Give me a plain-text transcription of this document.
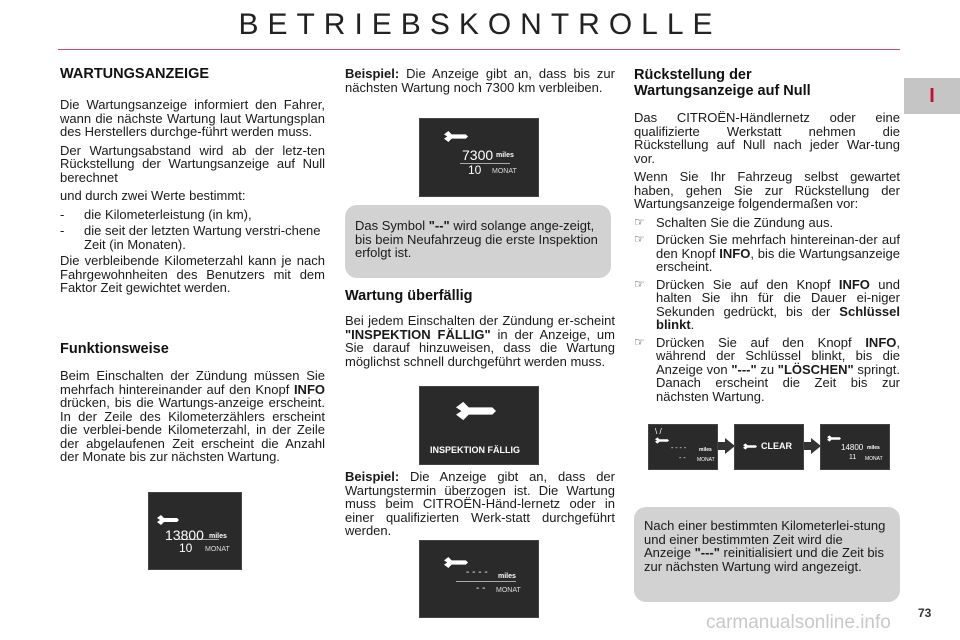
BETRIEBSKONTROLLE
I
WARTUNGSANZEIGE

Die Wartungsanzeige informiert den Fahrer, wann die nächste Wartung laut Wartungsplan des Herstellers durchge-führt werden muss.

Der Wartungsabstand wird ab der letz-ten Rückstellung der Wartungsanzeige auf Null berechnet

und durch zwei Werte bestimmt:

-	die Kilometerleistung (in km),
-	die seit der letzten Wartung verstri-chene Zeit (in Monaten).

Die verbleibende Kilometerzahl kann je nach Fahrgewohnheiten des Benutzers mit dem Faktor Zeit gewichtet werden.

Funktionsweise

Beim Einschalten der Zündung müssen Sie mehrfach hintereinander auf den Knopf INFO drücken, bis die Wartungs-anzeige erscheint. In der Zeile des Kilometerzählers erscheint die verblei-bende Kilometerzahl, in der Zeile der abgelaufenen Zeit erscheint die Anzahl der Monate bis zur nächsten Wartung.

13800 miles
10 MONAT

Beispiel: Die Anzeige gibt an, dass bis zur nächsten Wartung noch 7300 km verbleiben.

7300 miles
10 MONAT
Das Symbol "--" wird solange ange-zeigt, bis beim Neufahrzeug die erste Inspektion erfolgt ist.
Wartung überfällig

Bei jedem Einschalten der Zündung er-scheint "INSPEKTION FÄLLIG" in der Anzeige, um Sie darauf hinzuweisen, dass die Wartung möglichst schnell durchgeführt werden muss.

INSPEKTION FÄLLIG

Beispiel: Die Anzeige gibt an, dass der Wartungstermin überzogen ist. Die Wartung muss beim CITROËN-Händ-lernetz oder in einer qualifizierten Werk-statt durchgeführt werden.

- - - - miles
- - MONAT
Rückstellung der Wartungsanzeige auf Null

Das CITROËN-Händlernetz oder eine qualifizierte Werkstatt nehmen die Rückstellung auf Null nach jeder War-tung vor.

Wenn Sie Ihr Fahrzeug selbst gewartet haben, gehen Sie zur Rückstellung der Wartungsanzeige folgendermaßen vor:

☞ Schalten Sie die Zündung aus.
☞ Drücken Sie mehrfach hintereinan-der auf den Knopf INFO, bis die Wartungsanzeige erscheint.
☞ Drücken Sie auf den Knopf INFO und halten Sie ihn für die Dauer ei-niger Sekunden gedrückt, bis der Schlüssel blinkt.
☞ Drücken Sie auf den Knopf INFO, während der Schlüssel blinkt, bis die Anzeige von "---" zu "LÖSCHEN" springt. Danach erscheint die Zeit bis zur nächsten Wartung.
\ /
- - - -	miles
- - MONAT
CLEAR	14800 miles
11 MONAT
Nach einer bestimmten Kilometerlei-stung und einer bestimmten Zeit wird die Anzeige "---" reinitialisiert und die Zeit bis zur nächsten Wartung wird angezeigt.
carmanualsonline.info 73
